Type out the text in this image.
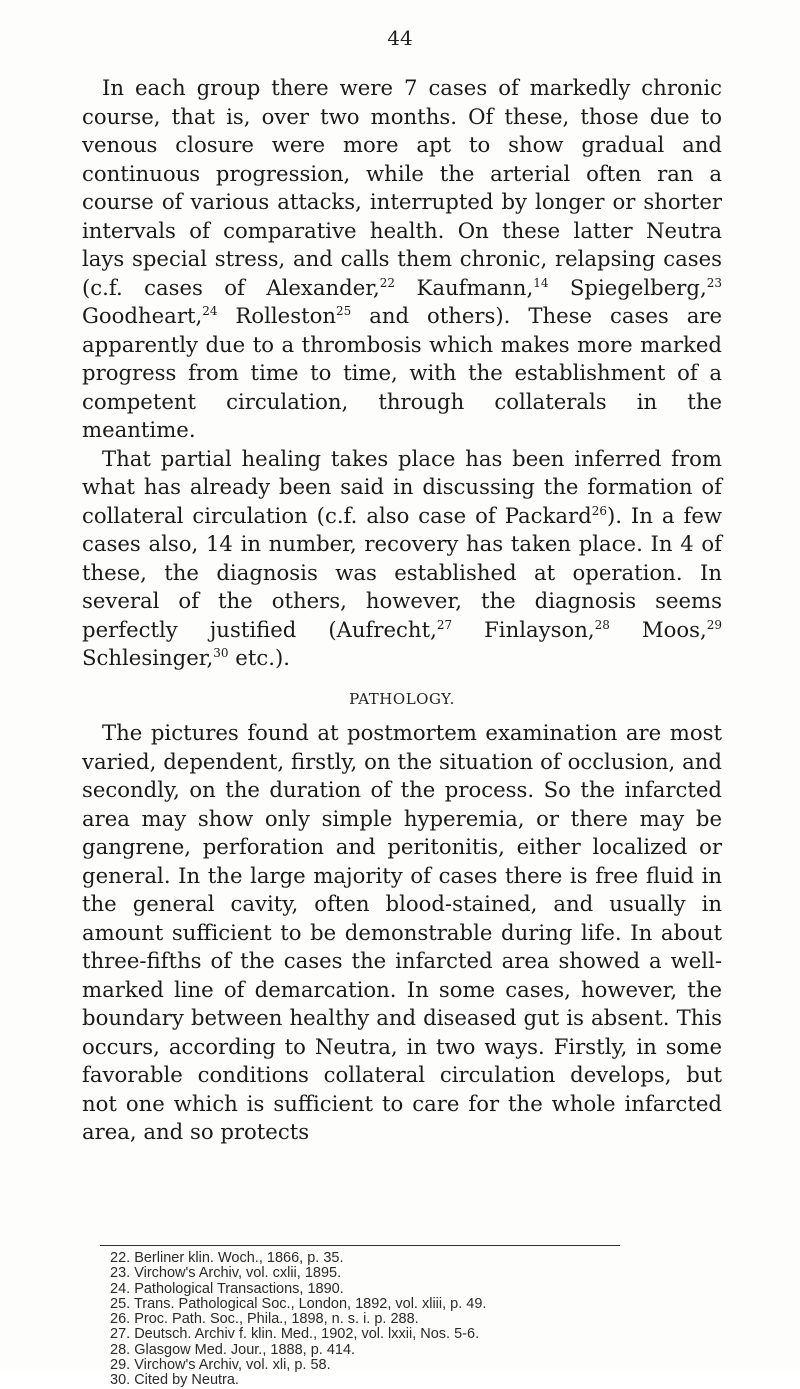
44

In each group there were 7 cases of markedly chronic course, that is, over two months. Of these, those due to venous closure were more apt to show gradual and continuous progression, while the arterial often ran a course of various attacks, interrupted by longer or shorter intervals of comparative health. On these latter Neutra lays special stress, and calls them chronic, relapsing cases (c.f. cases of Alexander,$^{22}$ Kaufmann,$^{14}$ Spiegelberg,$^{23}$ Goodheart,$^{24}$ Rolleston$^{25}$ and others). These cases are apparently due to a thrombosis which makes more marked progress from time to time, with the establishment of a competent circulation, through collaterals in the meantime.

That partial healing takes place has been inferred from what has already been said in discussing the formation of collateral circulation (c.f. also case of Packard$^{26}$). In a few cases also, 14 in number, recovery has taken place. In 4 of these, the diagnosis was established at operation. In several of the others, however, the diagnosis seems perfectly justified (Aufrecht,$^{27}$ Finlayson,$^{28}$ Moos,$^{29}$ Schlesinger,$^{30}$ etc.).

PATHOLOGY.

The pictures found at postmortem examination are most varied, dependent, firstly, on the situation of occlusion, and secondly, on the duration of the process. So the infarcted area may show only simple hyperemia, or there may be gangrene, perforation and peritonitis, either localized or general. In the large majority of cases there is free fluid in the general cavity, often blood-stained, and usually in amount sufficient to be demonstrable during life. In about three-fifths of the cases the infarcted area showed a well-marked line of demarcation. In some cases, however, the boundary between healthy and diseased gut is absent. This occurs, according to Neutra, in two ways. Firstly, in some favorable conditions collateral circulation develops, but not one which is sufficient to care for the whole infarcted area, and so protects

22. Berliner klin. Woch., 1866, p. 35.
23. Virchow's Archiv, vol. cxlii, 1895.
24. Pathological Transactions, 1890.
25. Trans. Pathological Soc., London, 1892, vol. xliii, p. 49.
26. Proc. Path. Soc., Phila., 1898, n. s. i. p. 288.
27. Deutsch. Archiv f. klin. Med., 1902, vol. lxxii, Nos. 5-6.
28. Glasgow Med. Jour., 1888, p. 414.
29. Virchow's Archiv, vol. xli, p. 58.
30. Cited by Neutra.
